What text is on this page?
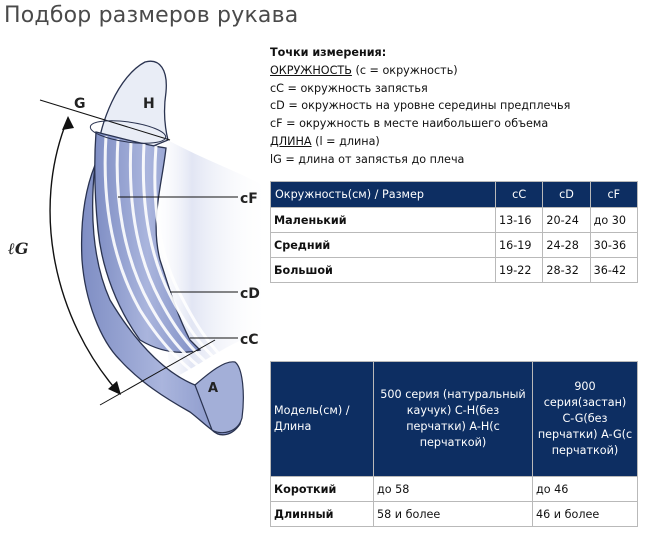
Подбор размеров рукава
G	H
ℓG
cF
cD
cC
A
Точки измерения:
ОКРУЖНОСТЬ (c = окружность)
cC = окружность запястья
cD = окружность на уровне середины предплечья
cF = окружность в месте наибольшего объема
ДЛИНА (l = длина)
lG = длина от запястья до плеча
Окружность(см) / Размер	cC	cD	cF
Маленький	13-16	20-24	до 30
Средний	16-19	24-28	30-36
Большой	19-22	28-32	36-42
Модель(см) / Длина	500 серия (натуральный каучук) C-H(без перчатки) A-H(с перчаткой)	900 серия(застан) C-G(без перчатки) A-G(с перчаткой)
Короткий	до 58	до 46
Длинный	58 и более	46 и более
